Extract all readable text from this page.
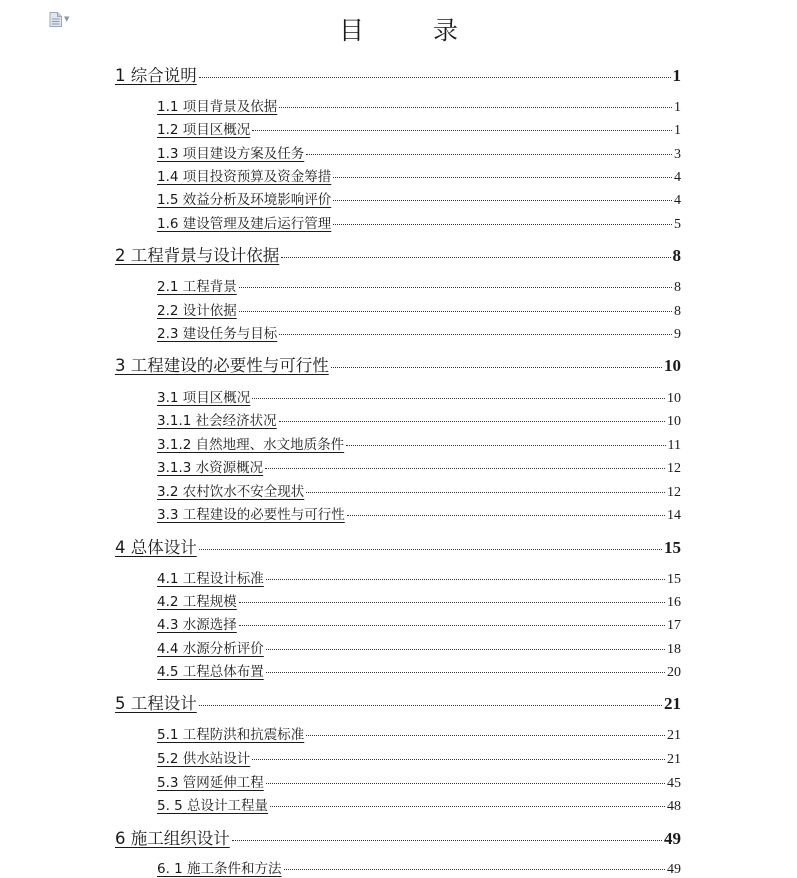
▼	目　录
1 综合说明	1
1.1 项目背景及依据	1
1.2 项目区概况	1
1.3 项目建设方案及任务	3
1.4 项目投资预算及资金筹措	4
1.5 效益分析及环境影响评价	4
1.6 建设管理及建后运行管理	5
2 工程背景与设计依据	8
2.1 工程背景	8
2.2 设计依据	8
2.3 建设任务与目标	9
3 工程建设的必要性与可行性	10
3.1 项目区概况	10
3.1.1 社会经济状况	10
3.1.2 自然地理、水文地质条件	11
3.1.3 水资源概况	12
3.2 农村饮水不安全现状	12
3.3 工程建设的必要性与可行性	14
4 总体设计	15
4.1 工程设计标准	15
4.2 工程规模	16
4.3 水源选择	17
4.4 水源分析评价	18
4.5 工程总体布置	20
5 工程设计	21
5.1 工程防洪和抗震标准	21
5.2 供水站设计	21
5.3 管网延伸工程	45
5. 5 总设计工程量	48
6 施工组织设计	49
6. 1 施工条件和方法	49
